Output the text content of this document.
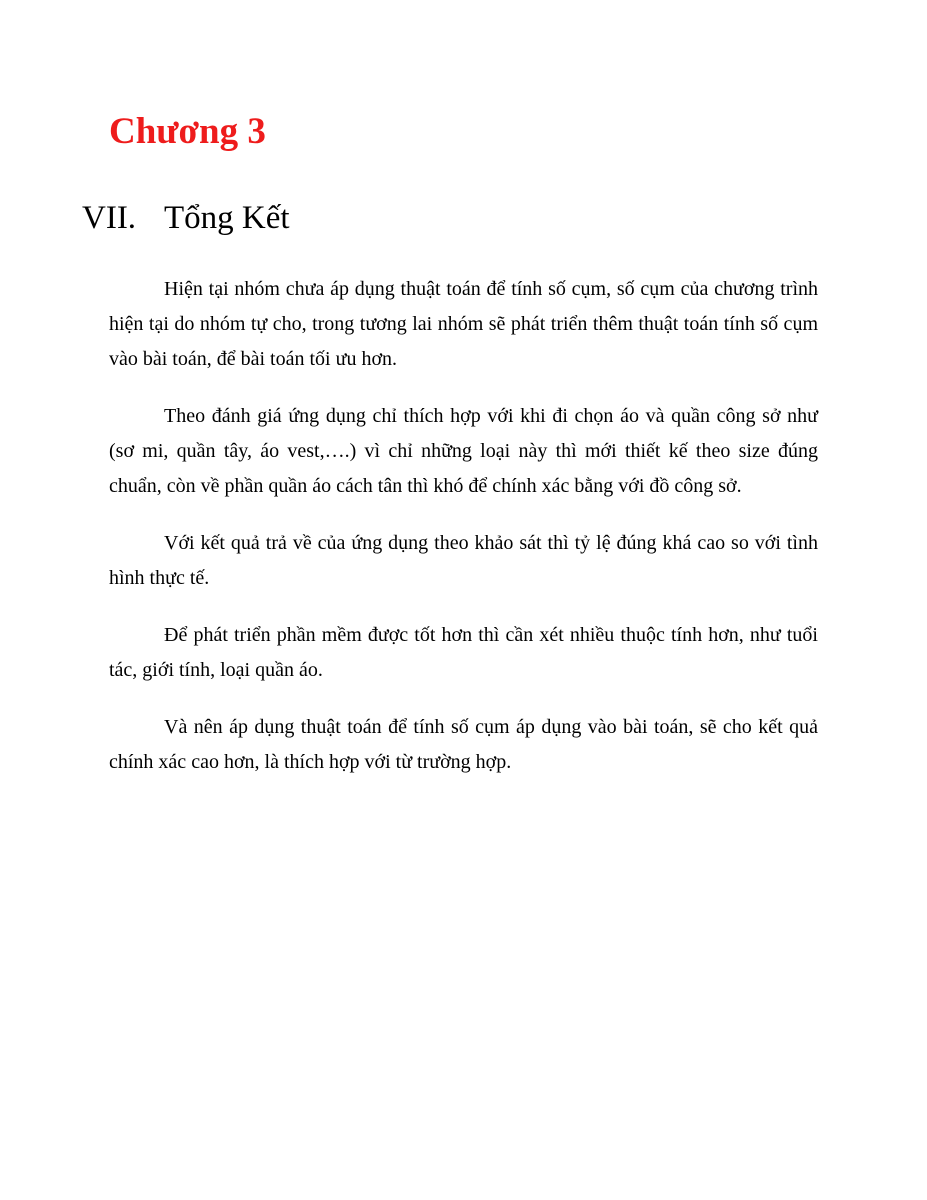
Chương 3
VII. Tổng Kết

Hiện tại nhóm chưa áp dụng thuật toán để tính số cụm, số cụm của chương trình hiện tại do nhóm tự cho, trong tương lai nhóm sẽ phát triển thêm thuật toán tính số cụm vào bài toán, để bài toán tối ưu hơn.

Theo đánh giá ứng dụng chỉ thích hợp với khi đi chọn áo và quần công sở như (sơ mi, quần tây, áo vest,….) vì chỉ những loại này thì mới thiết kế theo size đúng chuẩn, còn về phần quần áo cách tân thì khó để chính xác bằng với đồ công sở.

Với kết quả trả về của ứng dụng theo khảo sát thì tỷ lệ đúng khá cao so với tình hình thực tế.

Để phát triển phần mềm được tốt hơn thì cần xét nhiều thuộc tính hơn, như tuổi tác, giới tính, loại quần áo.

Và nên áp dụng thuật toán để tính số cụm áp dụng vào bài toán, sẽ cho kết quả chính xác cao hơn, là thích hợp với từ trường hợp.
